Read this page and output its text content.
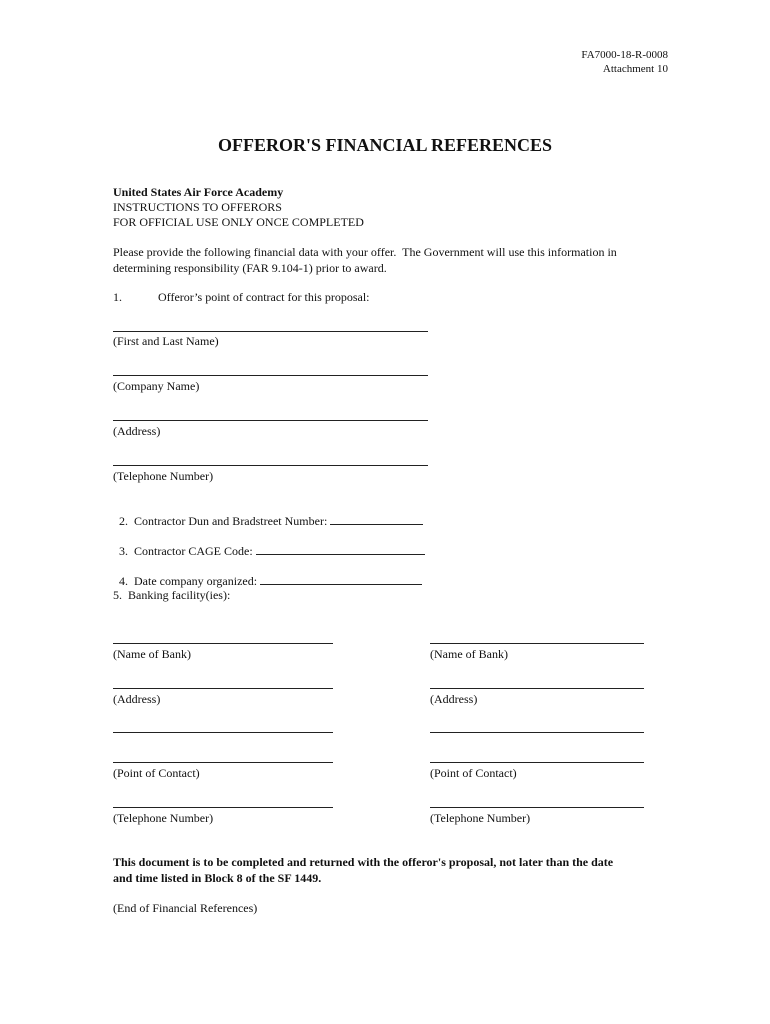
FA7000-18-R-0008
Attachment 10
OFFEROR'S FINANCIAL REFERENCES
United States Air Force Academy
INSTRUCTIONS TO OFFERORS
FOR OFFICIAL USE ONLY ONCE COMPLETED
Please provide the following financial data with your offer.  The Government will use this information in
determining responsibility (FAR 9.104-1) prior to award.
1.	Offeror’s point of contract for this proposal:
(First and Last Name)
(Company Name)
(Address)
(Telephone Number)

2.  Contractor Dun and Bradstreet Number:

3.  Contractor CAGE Code:

4.  Date company organized:

5.  Banking facility(ies):
(Name of Bank)
(Address)
(Point of Contact)
(Telephone Number)
(Name of Bank)
(Address)
(Point of Contact)
(Telephone Number)
This document is to be completed and returned with the offeror's proposal, not later than the date
and time listed in Block 8 of the SF 1449.
(End of Financial References)
